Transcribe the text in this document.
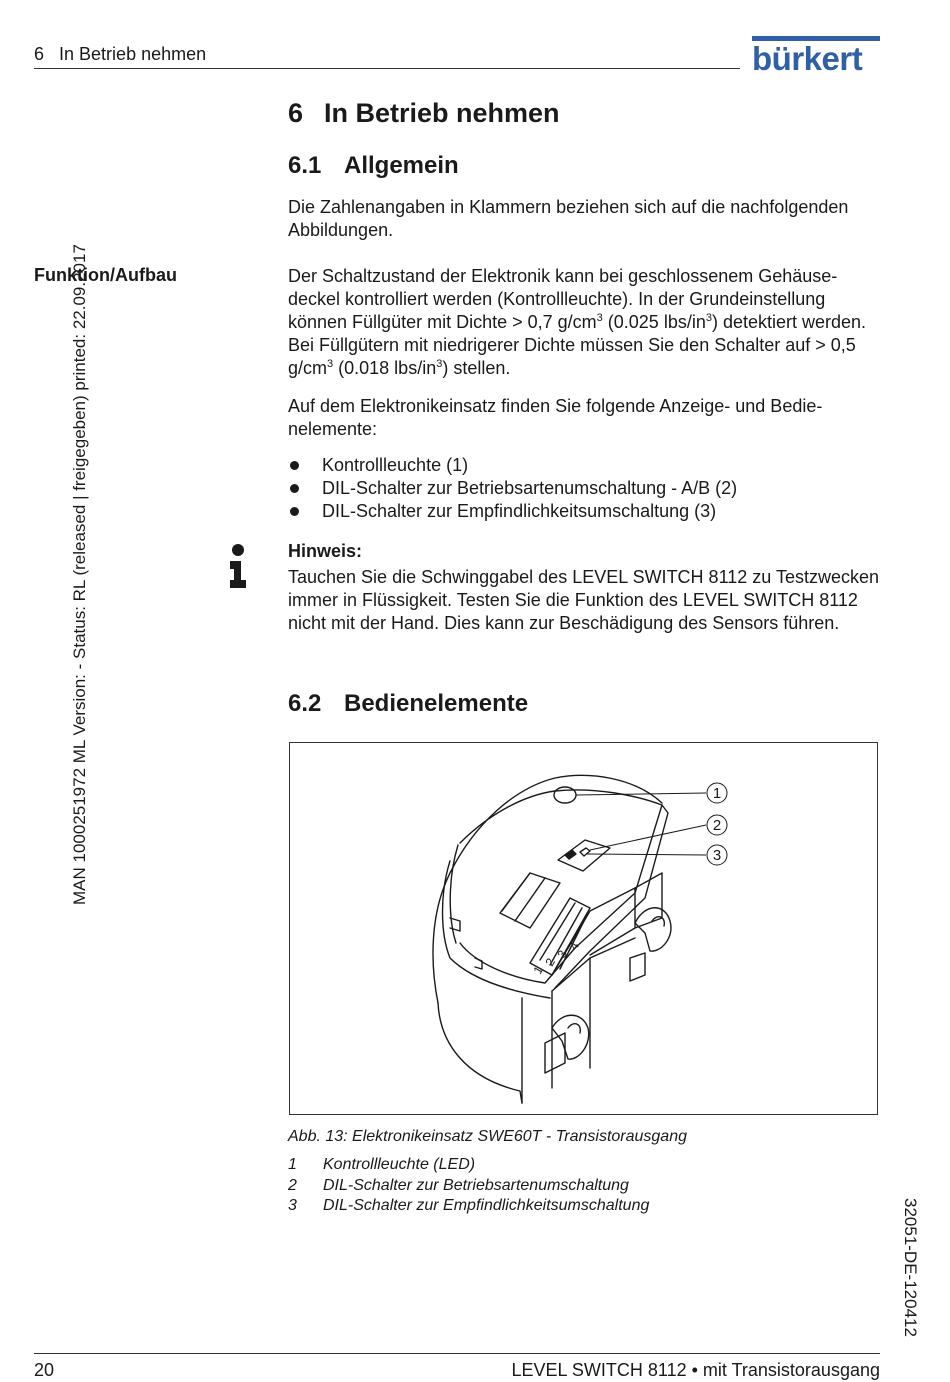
6 In Betrieb nehmen	bürkert
MAN 1000251972 ML Version: - Status: RL (released | freigegeben) printed: 22.09.2017
Funktion/Aufbau
6 In Betrieb nehmen
6.1 Allgemein

Die Zahlenangaben in Klammern beziehen sich auf die nachfolgenden Abbildungen.

Der Schaltzustand der Elektronik kann bei geschlossenem Gehäuse-deckel kontrolliert werden (Kontrollleuchte). In der Grundeinstellung können Füllgüter mit Dichte > 0,7 $g/cm^3$ (0.025 lbs/$in^3$) detektiert werden. Bei Füllgütern mit niedrigerer Dichte müssen Sie den Schalter auf > 0,5 $g/cm^3$ (0.018 lbs/$in^3$) stellen.

Auf dem Elektronikeinsatz finden Sie folgende Anzeige- und Bedie-nelemente:

Kontrollleuchte (1)
DIL-Schalter zur Betriebsartenumschaltung - A/B (2)
DIL-Schalter zur Empfindlichkeitsumschaltung (3)
Hinweis:

Tauchen Sie die Schwinggabel des LEVEL SWITCH 8112 zu Testzwecken immer in Flüssigkeit. Testen Sie die Funktion des LEVEL SWITCH 8112 nicht mit der Hand. Dies kann zur Beschädigung des Sensors führen.

6.2 Bedienelemente
1
2
3
4
1
2
3
Abb. 13: Elektronikeinsatz SWE60T - Transistorausgang
1 Kontrollleuchte (LED)
2 DIL-Schalter zur Betriebsartenumschaltung
3 DIL-Schalter zur Empfindlichkeitsumschaltung	32051-DE-120412
20	LEVEL SWITCH 8112 • mit Transistorausgang
